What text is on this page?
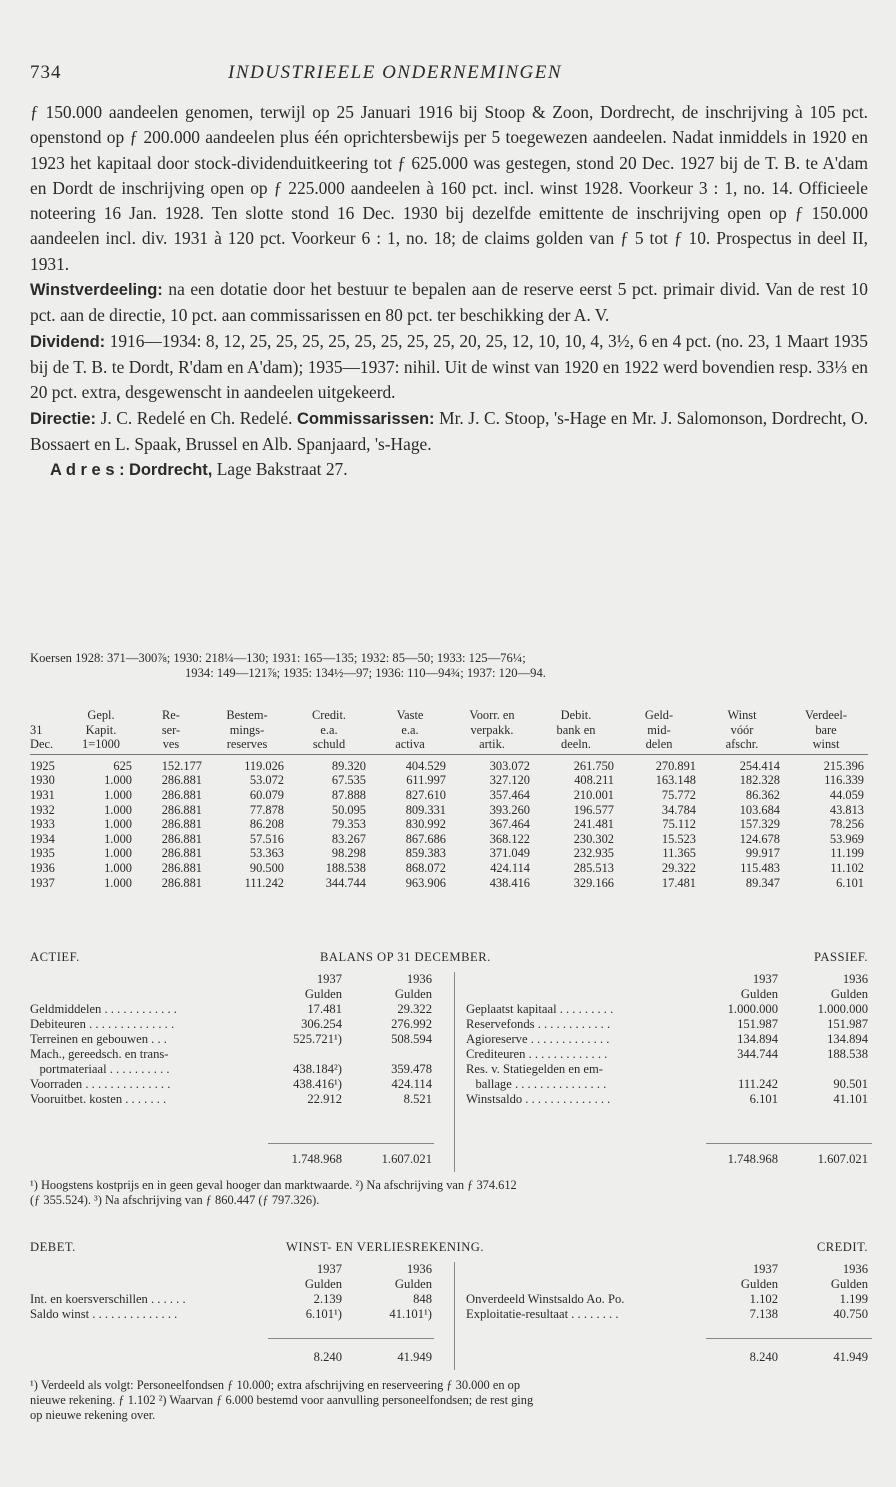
734	INDUSTRIEELE ONDERNEMINGEN

ƒ 150.000 aandeelen genomen, terwijl op 25 Januari 1916 bij Stoop & Zoon, Dordrecht, de inschrijving à 105 pct. openstond op ƒ 200.000 aandeelen plus één oprichtersbewijs per 5 toegewezen aandeelen. Nadat inmiddels in 1920 en 1923 het kapitaal door stock-dividenduitkeering tot ƒ 625.000 was gestegen, stond 20 Dec. 1927 bij de T. B. te A'dam en Dordt de inschrijving open op ƒ 225.000 aandeelen à 160 pct. incl. winst 1928. Voorkeur 3 : 1, no. 14. Officieele noteering 16 Jan. 1928. Ten slotte stond 16 Dec. 1930 bij dezelfde emittente de inschrijving open op ƒ 150.000 aandeelen incl. div. 1931 à 120 pct. Voorkeur 6 : 1, no. 18; de claims golden van ƒ 5 tot ƒ 10. Prospectus in deel II, 1931.

Winstverdeeling: na een dotatie door het bestuur te bepalen aan de reserve eerst 5 pct. primair divid. Van de rest 10 pct. aan de directie, 10 pct. aan commissarissen en 80 pct. ter beschikking der A. V.

Dividend: 1916—1934: 8, 12, 25, 25, 25, 25, 25, 25, 25, 25, 20, 25, 12, 10, 10, 4, 3½, 6 en 4 pct. (no. 23, 1 Maart 1935 bij de T. B. te Dordt, R'dam en A'dam); 1935—1937: nihil. Uit de winst van 1920 en 1922 werd bovendien resp. 33⅓ en 20 pct. extra, desgewenscht in aandeelen uitgekeerd.

Directie: J. C. Redelé en Ch. Redelé. Commissarissen: Mr. J. C. Stoop, 's-Hage en Mr. J. Salomonson, Dordrecht, O. Bossaert en L. Spaak, Brussel en Alb. Spanjaard, 's-Hage.

A d r e s : Dordrecht, Lage Bakstraat 27.

Koersen 1928: 371—300⅞; 1930: 218¼—130; 1931: 165—135; 1932: 85—50; 1933: 125—76¼;
1934: 149—121⅞; 1935: 134½—97; 1936: 110—94¾; 1937: 120—94.
	Gepl.	Re-	Bestem-	Credit.	Vaste	Voorr. en	Debit.	Geld-	Winst	Verdeel-
31	Kapit.	ser-	mings-	e.a.	e.a.	verpakk.	bank en	mid-	vóór	bare
Dec.	1=1000	ves	reserves	schuld	activa	artik.	deeln.	delen	afschr.	winst
1925	625	152.177	119.026	89.320	404.529	303.072	261.750	270.891	254.414	215.396
1930	1.000	286.881	53.072	67.535	611.997	327.120	408.211	163.148	182.328	116.339
1931	1.000	286.881	60.079	87.888	827.610	357.464	210.001	75.772	86.362	44.059
1932	1.000	286.881	77.878	50.095	809.331	393.260	196.577	34.784	103.684	43.813
1933	1.000	286.881	86.208	79.353	830.992	367.464	241.481	75.112	157.329	78.256
1934	1.000	286.881	57.516	83.267	867.686	368.122	230.302	15.523	124.678	53.969
1935	1.000	286.881	53.363	98.298	859.383	371.049	232.935	11.365	99.917	11.199
1936	1.000	286.881	90.500	188.538	868.072	424.114	285.513	29.322	115.483	11.102
1937	1.000	286.881	111.242	344.744	963.906	438.416	329.166	17.481	89.347	6.101
ACTIEF.	BALANS OP 31 DECEMBER.	PASSIEF.
1937	1936
Gulden	Gulden
Geldmiddelen . . . . . . . . . . . .	17.481	29.322
Debiteuren . . . . . . . . . . . . . .	306.254	276.992
Terreinen en gebouwen . . .	525.721¹)	508.594
Mach., gereedsch. en trans-
portmateriaal . . . . . . . . . .	438.184²)	359.478
Voorraden . . . . . . . . . . . . . .	438.416¹)	424.114
Vooruitbet. kosten . . . . . . .	22.912	8.521
1937	1936
Gulden	Gulden
Geplaatst kapitaal . . . . . . . . .	1.000.000	1.000.000
Reservefonds . . . . . . . . . . . .	151.987	151.987
Agioreserve . . . . . . . . . . . . .	134.894	134.894
Crediteuren . . . . . . . . . . . . .	344.744	188.538
Res. v. Statiegelden en em-
ballage . . . . . . . . . . . . . . .	111.242	90.501
Winstsaldo . . . . . . . . . . . . . .	6.101	41.101
1.748.968	1.607.021	1.748.968	1.607.021
¹) Hoogstens kostprijs en in geen geval hooger dan marktwaarde. ²) Na afschrijving van ƒ 374.612
(ƒ 355.524). ³) Na afschrijving van ƒ 860.447 (ƒ 797.326).
DEBET.	WINST- EN VERLIESREKENING.	CREDIT.
1937	1936
Gulden	Gulden
Int. en koersverschillen . . . . . .	2.139	848
Saldo winst . . . . . . . . . . . . . .	6.101¹)	41.101¹)
1937	1936
Gulden	Gulden
Onverdeeld Winstsaldo Ao. Po.	1.102	1.199
Exploitatie-resultaat . . . . . . . .	7.138	40.750
8.240	41.949	8.240	41.949
¹) Verdeeld als volgt: Personeelfondsen ƒ 10.000; extra afschrijving en reserveering ƒ 30.000 en op
nieuwe rekening. ƒ 1.102 ²) Waarvan ƒ 6.000 bestemd voor aanvulling personeelfondsen; de rest ging
op nieuwe rekening over.
